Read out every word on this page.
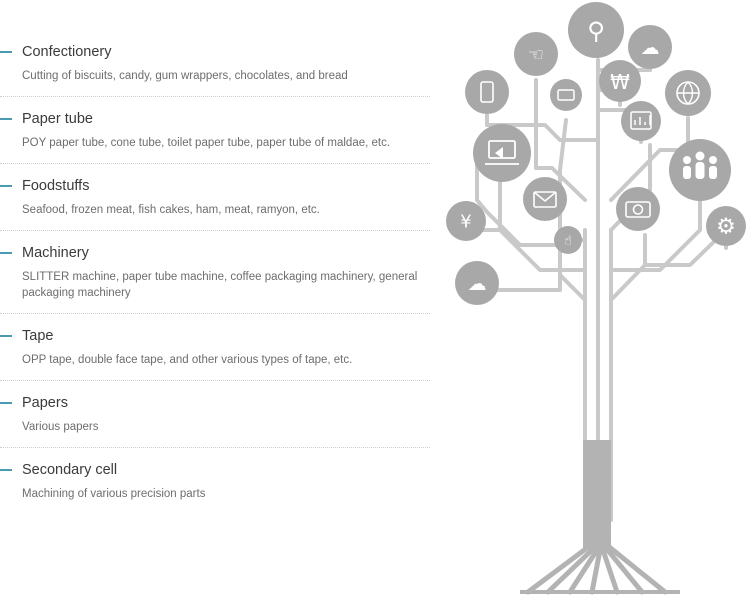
Confectionery

Cutting of biscuits, candy, gum wrappers, chocolates, and bread

Paper tube

POY paper tube, cone tube, toilet paper tube, paper tube of maldae, etc.

Foodstuffs

Seafood, frozen meat, fish cakes, ham, meat, ramyon, etc.

Machinery

SLITTER machine, paper tube machine, coffee packaging machinery, general packaging machinery

Tape

OPP tape, double face tape, and other various types of tape, etc.

Papers

Various papers

Secondary cell

Machining of various precision parts

⚲
☜	☁
₩
⚙
¥
☝
☁
